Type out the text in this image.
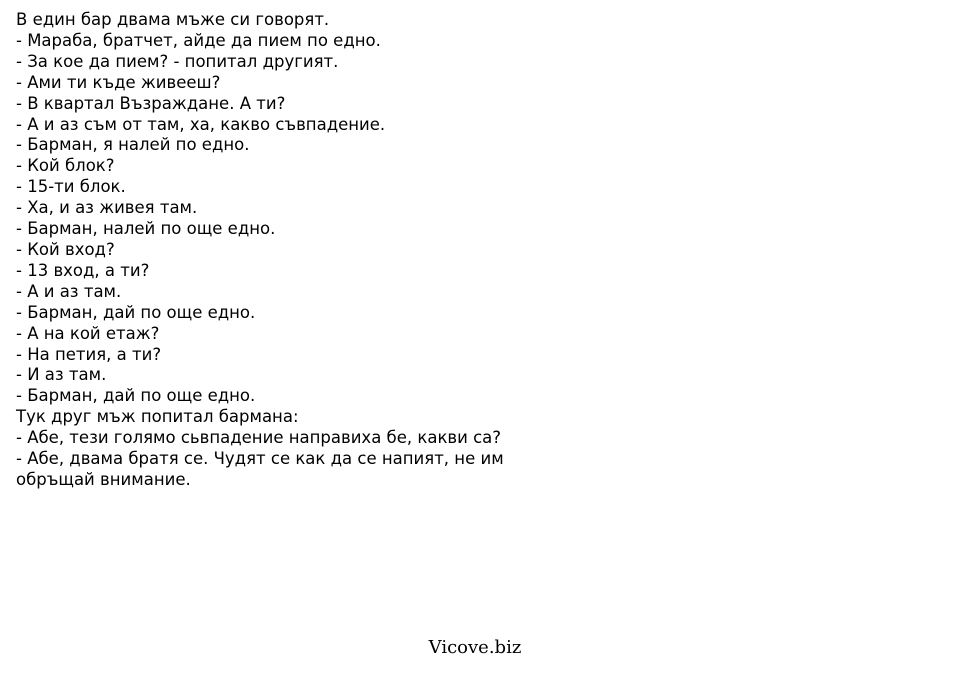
В един бар двама мъже си говорят.
- Мараба, братчет, айде да пием по едно.
- За кое да пием? - попитал другият.
- Ами ти къде живееш?
- В квартал Възраждане. А ти?
- А и аз съм от там, ха, какво съвпадение.
- Барман, я налей по едно.
- Кой блок?
- 15-ти блок.
- Ха, и аз живея там.
- Барман, налей по още едно.
- Кой вход?
- 13 вход, а ти?
- А и аз там.
- Барман, дай по още едно.
- А на кой етаж?
- На петия, а ти?
- И аз там.
- Барман, дай по още едно.
Тук друг мъж попитал бармана:
- Абе, тези голямо сьвпадение направиха бе, какви са?
- Абе, двама братя се. Чудят се как да се напият, не им
обръщай внимание.
Vicove.biz
